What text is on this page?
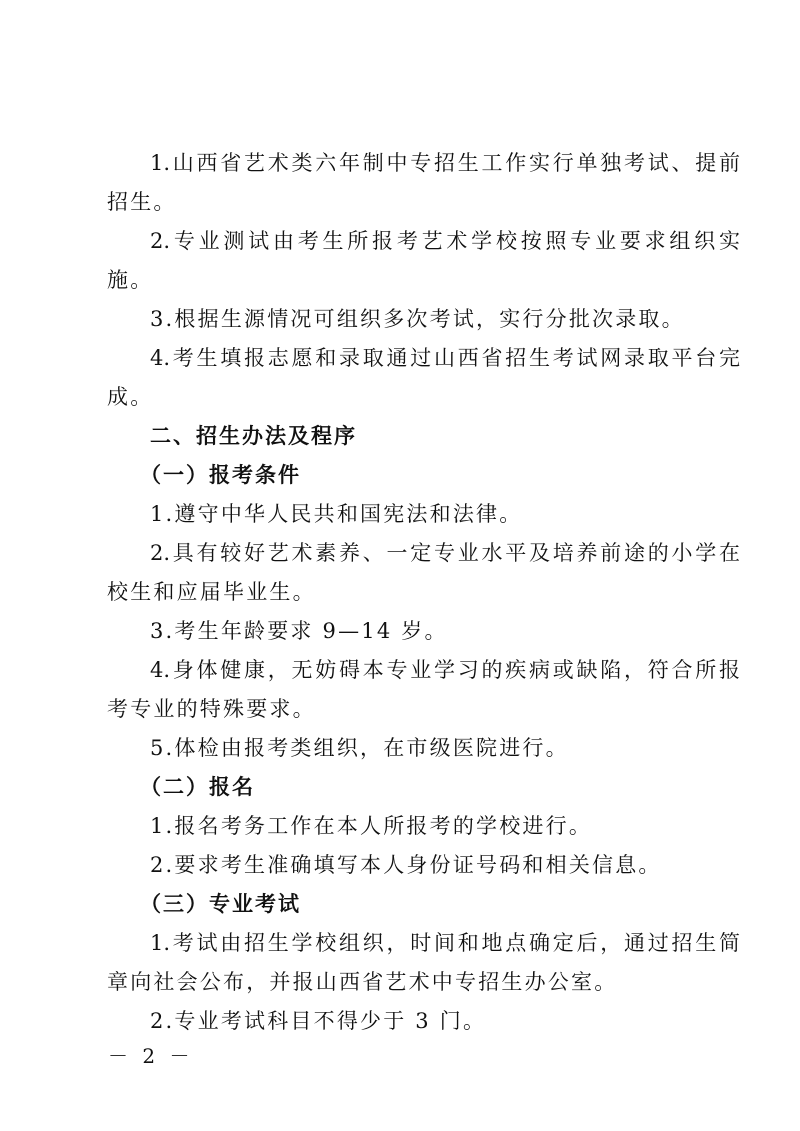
1.山西省艺术类六年制中专招生工作实行单独考试、提前
招生。
2.专业测试由考生所报考艺术学校按照专业要求组织实
施。
3.根据生源情况可组织多次考试，实行分批次录取。
4.考生填报志愿和录取通过山西省招生考试网录取平台完
成。
二、招生办法及程序
（一）报考条件
1.遵守中华人民共和国宪法和法律。
2.具有较好艺术素养、一定专业水平及培养前途的小学在
校生和应届毕业生。
3.考生年龄要求 9—14 岁。
4.身体健康，无妨碍本专业学习的疾病或缺陷，符合所报
考专业的特殊要求。
5.体检由报考类组织，在市级医院进行。
（二）报名
1.报名考务工作在本人所报考的学校进行。
2.要求考生准确填写本人身份证号码和相关信息。
（三）专业考试
1.考试由招生学校组织，时间和地点确定后，通过招生简
章向社会公布，并报山西省艺术中专招生办公室。
2.专业考试科目不得少于 3 门。
－ 2 －
